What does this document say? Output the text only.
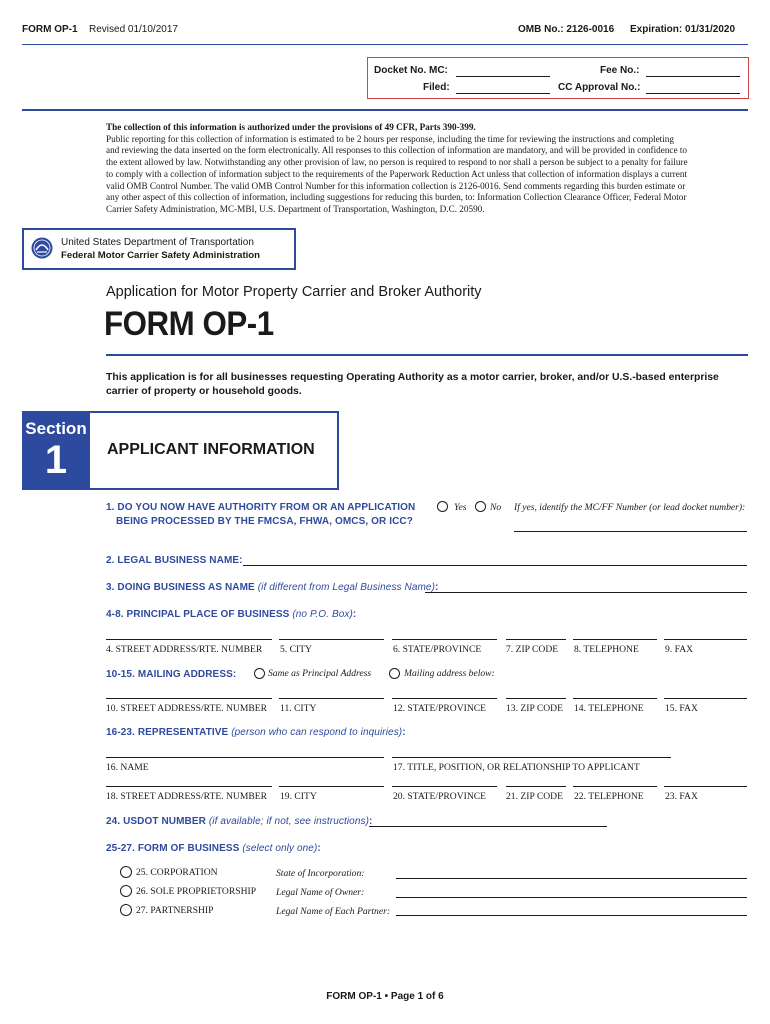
FORM OP-1 Revised 01/10/2017	OMB No.: 2126-0016 Expiration: 01/31/2020
Docket No. MC:	Fee No.:
Filed:	CC Approval No.:
The collection of this information is authorized under the provisions of 49 CFR, Parts 390-399.
Public reporting for this collection of information is estimated to be 2 hours per response, including the time for reviewing the instructions and completing
and reviewing the data inserted on the form electronically. All responses to this collection of information are mandatory, and will be provided in confidence to
the extent allowed by law. Notwithstanding any other provision of law, no person is required to respond to nor shall a person be subject to a penalty for failure
to comply with a collection of information subject to the requirements of the Paperwork Reduction Act unless that collection of information displays a current
valid OMB Control Number. The valid OMB Control Number for this information collection is 2126-0016. Send comments regarding this burden estimate or
any other aspect of this collection of information, including suggestions for reducing this burden, to: Information Collection Clearance Officer, Federal Motor
Carrier Safety Administration, MC-MBI, U.S. Department of Transportation, Washington, D.C. 20590.
United States Department of Transportation
Federal Motor Carrier Safety Administration
Application for Motor Property Carrier and Broker Authority
FORM OP-1
This application is for all businesses requesting Operating Authority as a motor carrier, broker, and/or U.S.-based enterprise
carrier of property or household goods.
Section
1	APPLICANT INFORMATION
1. DO YOU NOW HAVE AUTHORITY FROM OR AN APPLICATION
BEING PROCESSED BY THE FMCSA, FHWA, OMCS, OR ICC?
Yes No If yes, identify the MC/FF Number (or lead docket number):
2. LEGAL BUSINESS NAME:
3. DOING BUSINESS AS NAME (if different from Legal Business Name):
4-8. PRINCIPAL PLACE OF BUSINESS (no P.O. Box):
4. STREET ADDRESS/RTE. NUMBER 5. CITY	6. STATE/PROVINCE	7. ZIP CODE 8. TELEPHONE	9. FAX
10-15. MAILING ADDRESS:	Same as Principal Address	Mailing address below:
10. STREET ADDRESS/RTE. NUMBER 11. CITY	12. STATE/PROVINCE 13. ZIP CODE 14. TELEPHONE 15. FAX
16-23. REPRESENTATIVE (person who can respond to inquiries):
16. NAME	17. TITLE, POSITION, OR RELATIONSHIP TO APPLICANT
18. STREET ADDRESS/RTE. NUMBER 19. CITY	20. STATE/PROVINCE 21. ZIP CODE 22. TELEPHONE 23. FAX
24. USDOT NUMBER (if available; if not, see instructions):
25-27. FORM OF BUSINESS (select only one):
25. CORPORATION	State of Incorporation:
26. SOLE PROPRIETORSHIP Legal Name of Owner:
27. PARTNERSHIP	Legal Name of Each Partner:
FORM OP-1 • Page 1 of 6
